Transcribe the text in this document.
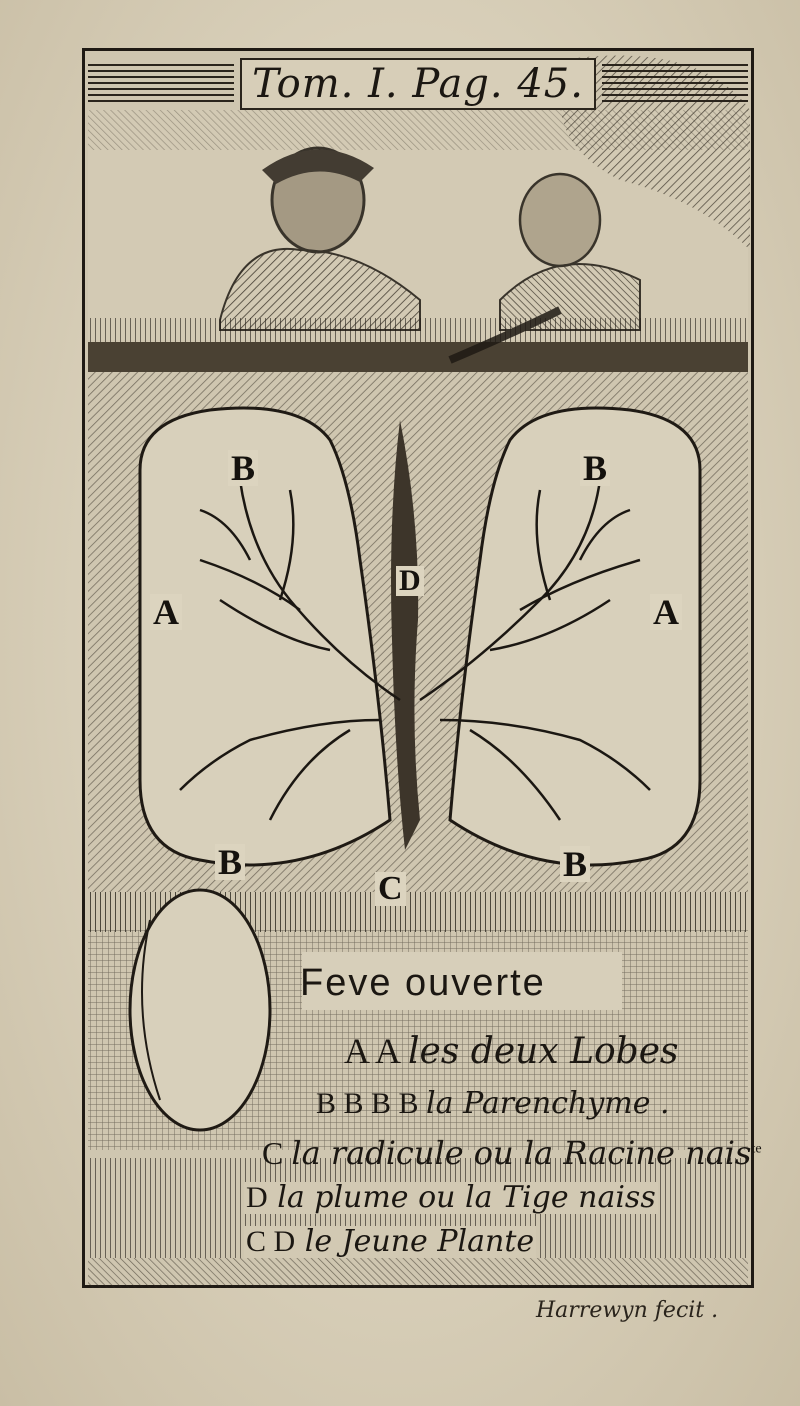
Tom. I. Pag. 45.
B	B
B	B
A	A
C
D
Feve ouverte
A A les deux Lobes
B B B B la Parenchyme .
C la radicule ou la Racine nais$^{te}$
D la plume ou la Tige naiss
C D le Jeune Plante
Harrewyn fecit .
